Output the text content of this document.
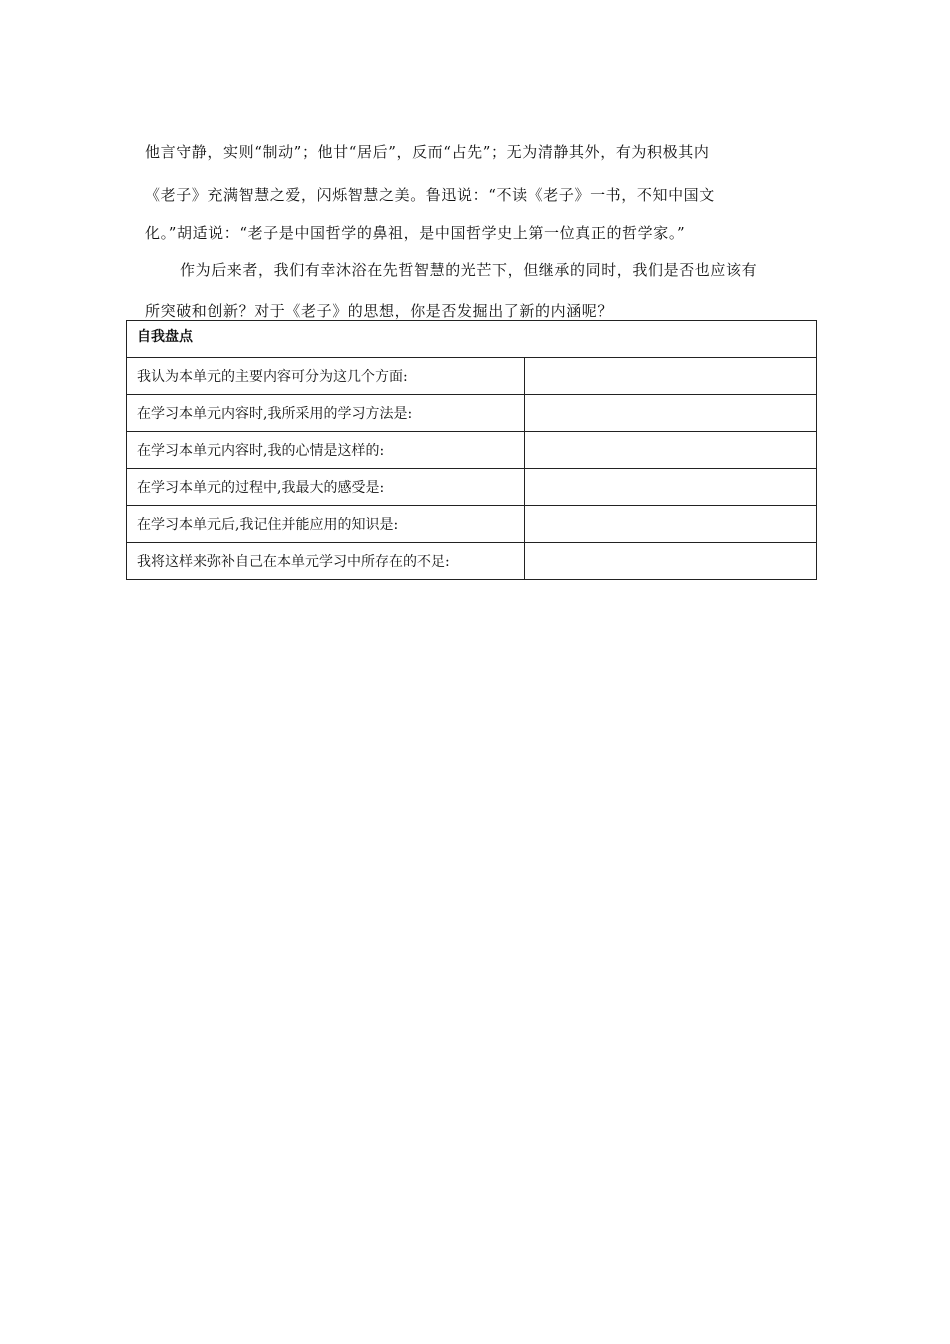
他言守静，实则“制动”；他甘“居后”，反而“占先”；无为清静其外，有为积极其内

《老子》充满智慧之爱，闪烁智慧之美。鲁迅说：“不读《老子》一书，不知中国文

化。”胡适说：“老子是中国哲学的鼻祖，是中国哲学史上第一位真正的哲学家。”

作为后来者，我们有幸沐浴在先哲智慧的光芒下，但继承的同时，我们是否也应该有

所突破和创新？对于《老子》的思想，你是否发掘出了新的内涵呢？

自我盘点	
我认为本单元的主要内容可分为这几个方面:	
在学习本单元内容时,我所采用的学习方法是:	
在学习本单元内容时,我的心情是这样的:	
在学习本单元的过程中,我最大的感受是:	
在学习本单元后,我记住并能应用的知识是:	
我将这样来弥补自己在本单元学习中所存在的不足:	
